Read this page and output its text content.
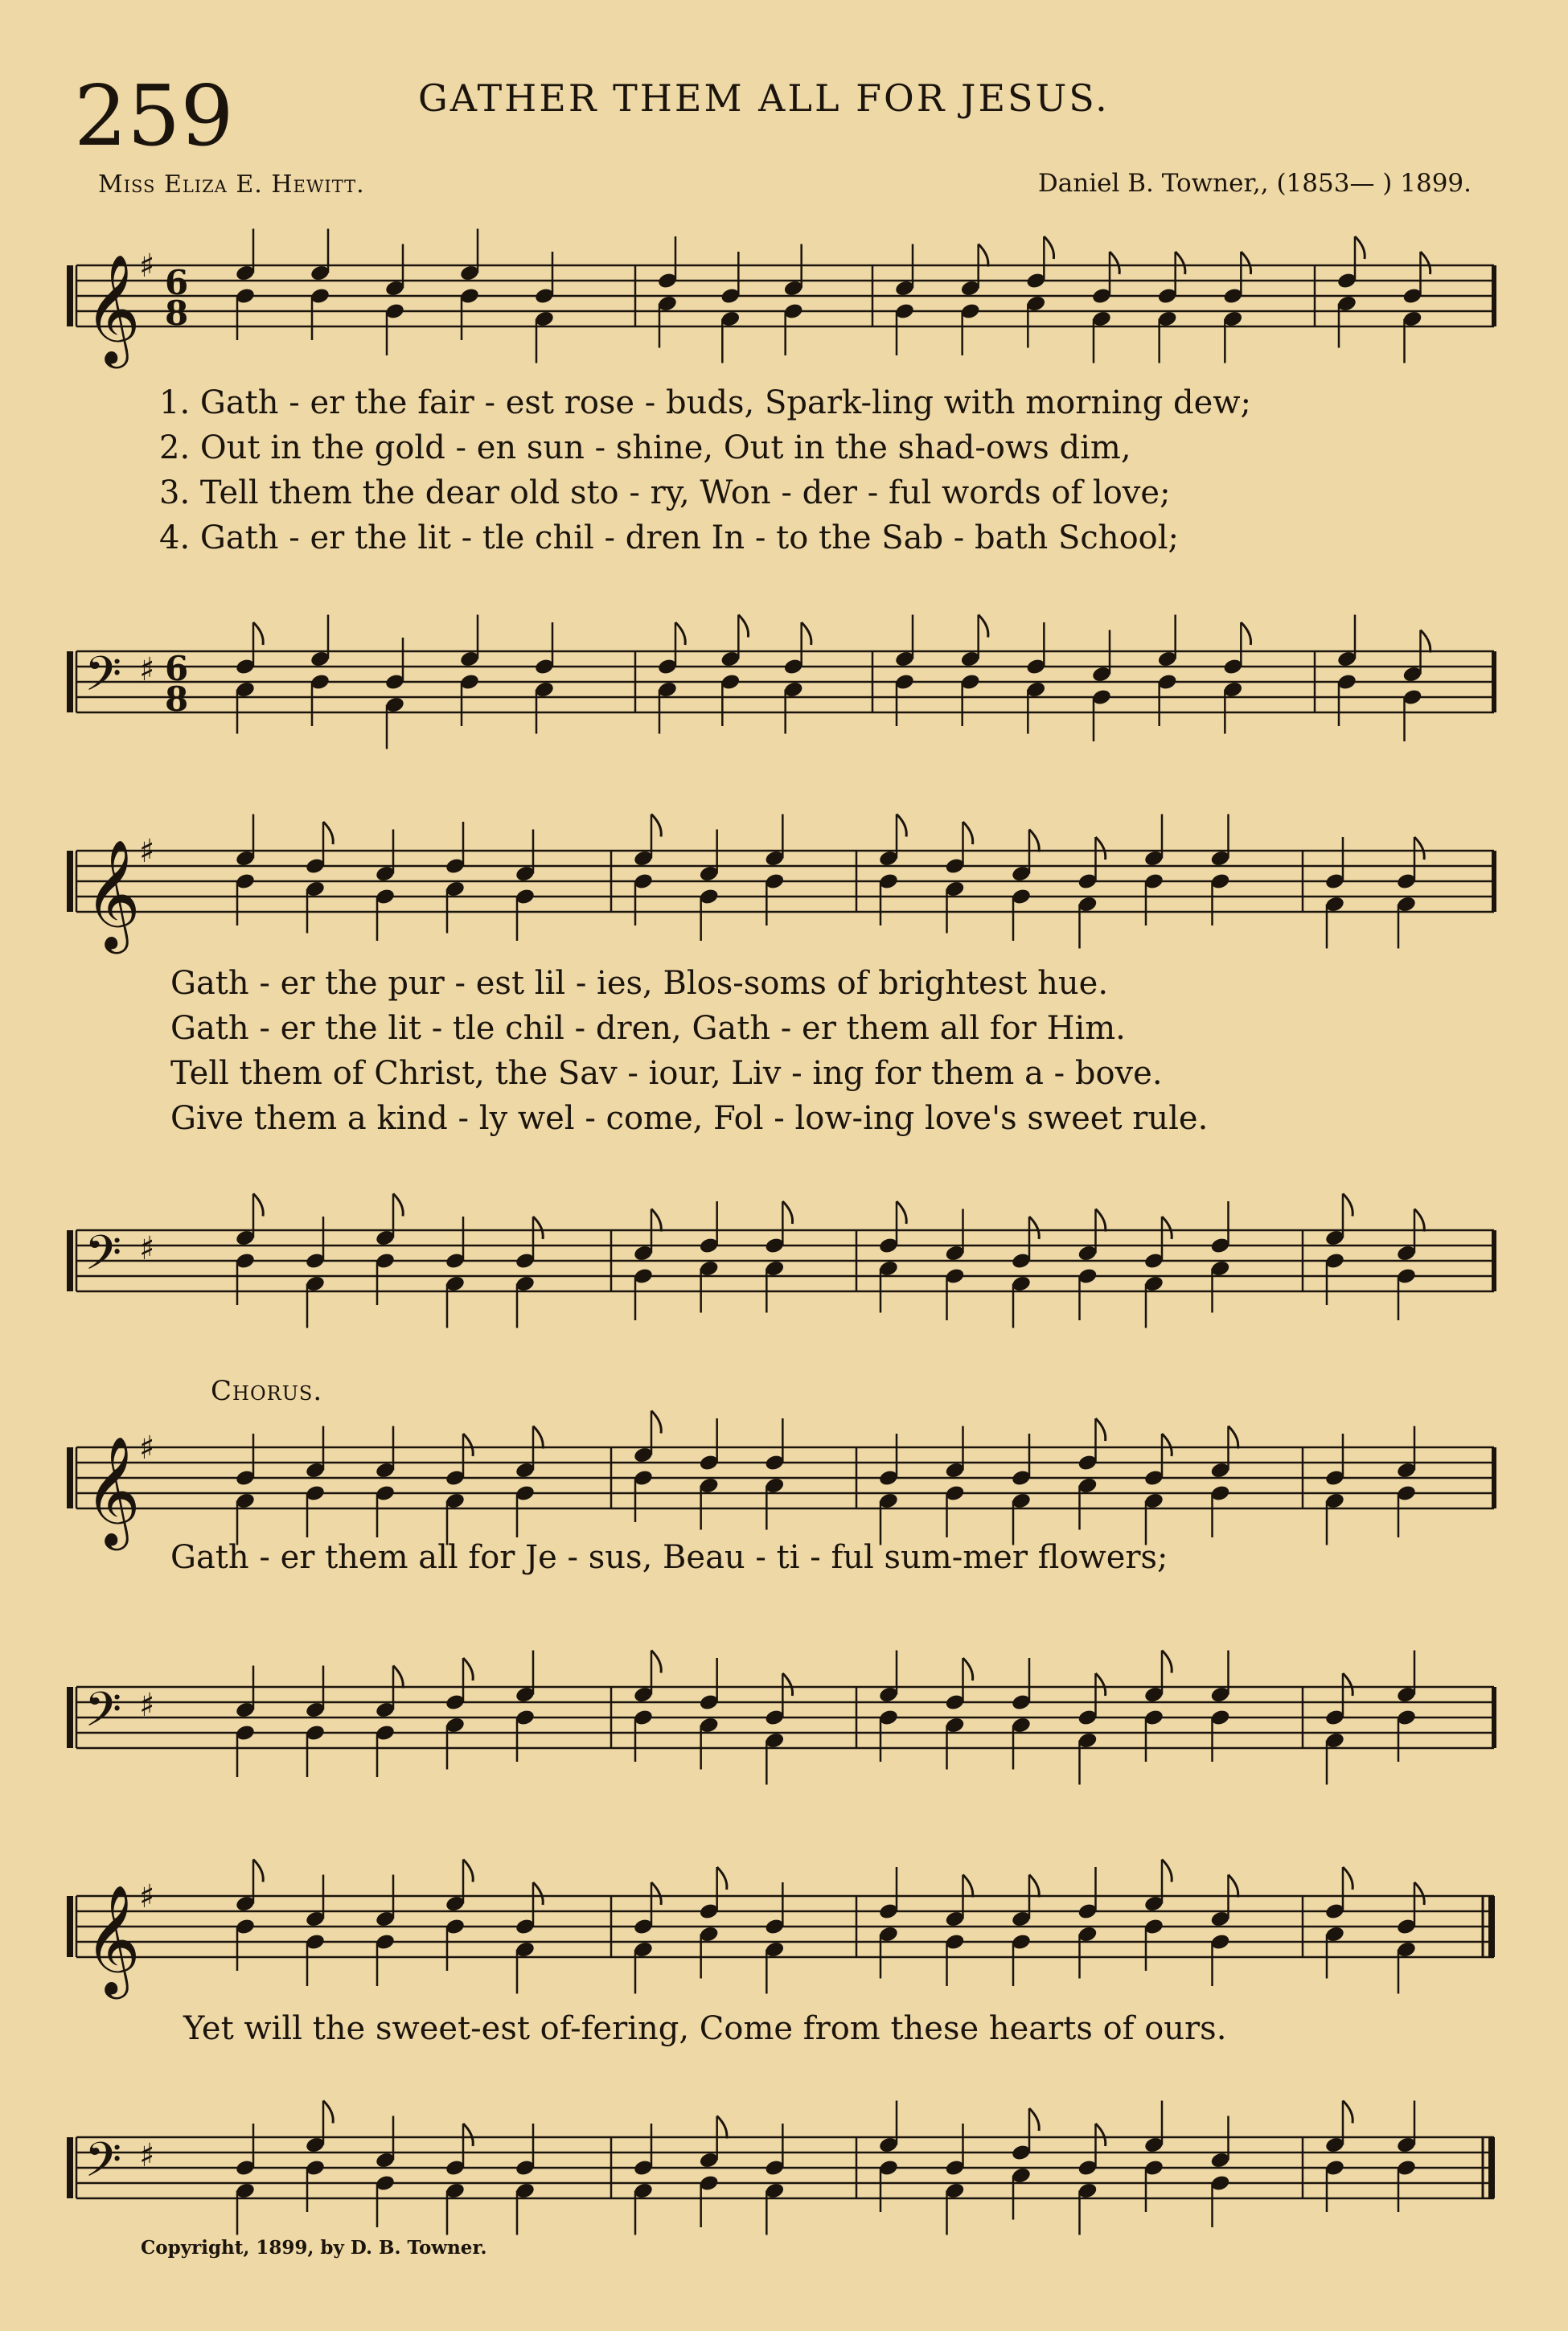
259	GATHER THEM ALL FOR JESUS.
Miss Eliza E. Hewitt.	Daniel B. Towner,, (1853— ) 1899.
𝄞
♯ 6
8
1. Gath - er the fair - est rose - buds, Spark-ling with morning dew;
2. Out in the gold - en sun - shine, Out in the shad-ows dim,
3. Tell them the dear old sto - ry, Won - der - ful words of love;
4. Gath - er the lit - tle chil - dren In - to the Sab - bath School;
𝄢 ♯ 6
8
𝄞
♯
Gath - er the pur - est lil - ies, Blos-soms of brightest hue.
Gath - er the lit - tle chil - dren, Gath - er them all for Him.
Tell them of Christ, the Sav - iour, Liv - ing for them a - bove.
Give them a kind - ly wel - come, Fol - low-ing love's sweet rule.
𝄢 ♯
Chorus.
𝄞
♯
Gath - er them all for Je - sus, Beau - ti - ful sum-mer flowers;
𝄢 ♯
𝄞
♯
Yet will the sweet-est of-fering, Come from these hearts of ours.
𝄢 ♯
Copyright, 1899, by D. B. Towner.
